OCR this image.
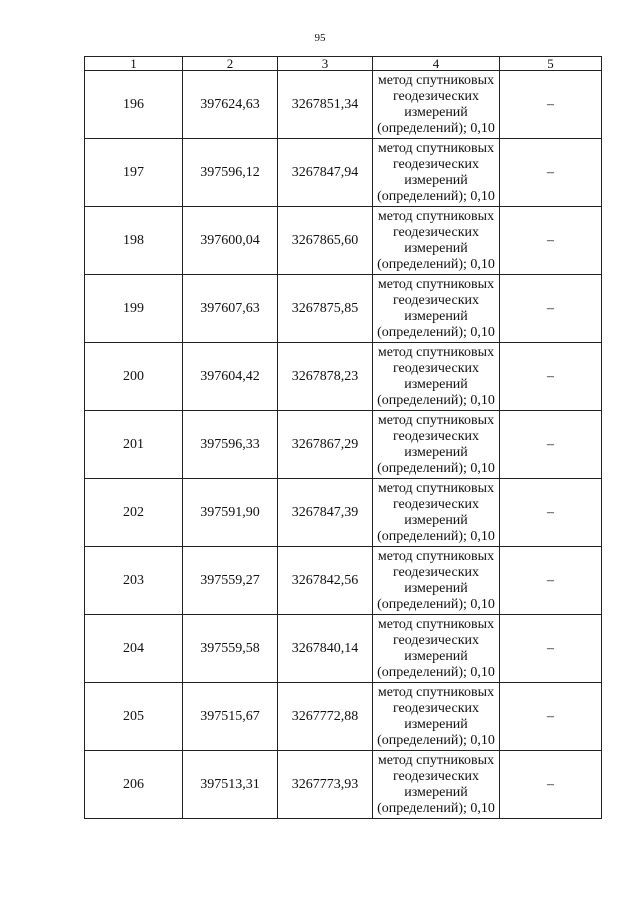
95
1	2	3	4	5
196	397624,63	3267851,34	метод спутниковых
геодезических
измерений
(определений); 0,10	–
197	397596,12	3267847,94	метод спутниковых
геодезических
измерений
(определений); 0,10	–
198	397600,04	3267865,60	метод спутниковых
геодезических
измерений
(определений); 0,10	–
199	397607,63	3267875,85	метод спутниковых
геодезических
измерений
(определений); 0,10	–
200	397604,42	3267878,23	метод спутниковых
геодезических
измерений
(определений); 0,10	–
201	397596,33	3267867,29	метод спутниковых
геодезических
измерений
(определений); 0,10	–
202	397591,90	3267847,39	метод спутниковых
геодезических
измерений
(определений); 0,10	–
203	397559,27	3267842,56	метод спутниковых
геодезических
измерений
(определений); 0,10	–
204	397559,58	3267840,14	метод спутниковых
геодезических
измерений
(определений); 0,10	–
205	397515,67	3267772,88	метод спутниковых
геодезических
измерений
(определений); 0,10	–
206	397513,31	3267773,93	метод спутниковых
геодезических
измерений
(определений); 0,10	–
